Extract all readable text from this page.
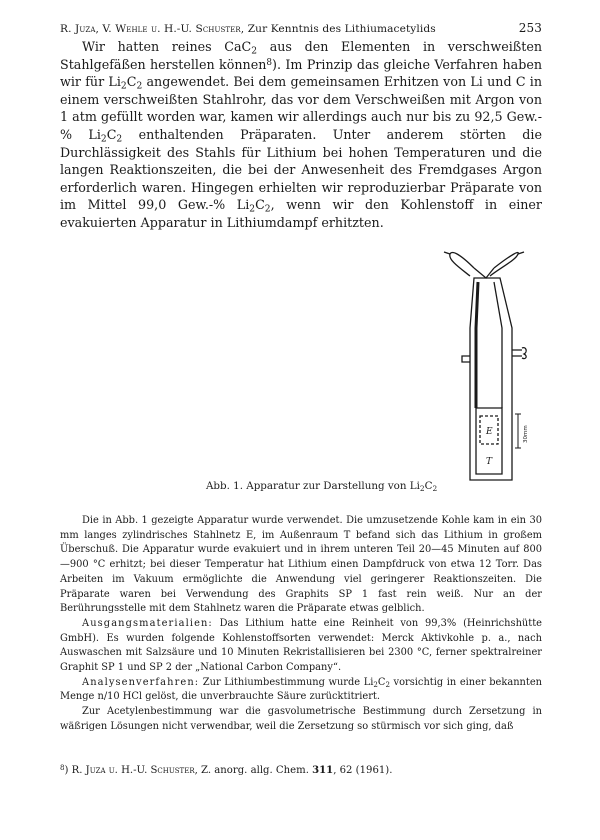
R. Juza, V. Wehle u. H.-U. Schuster, Zur Kenntnis des Lithiumacetylids	253

Wir hatten reines CaC$_2$ aus den Elementen in verschweißten Stahlgefäßen herstellen können$^8$). Im Prinzip das gleiche Verfahren haben wir für $Li_2C_2$ angewendet. Bei dem gemeinsamen Erhitzen von Li und C in einem verschweißten Stahlrohr, das vor dem Verschweißen mit Argon von 1 atm gefüllt worden war, kamen wir allerdings auch nur bis zu 92,5 Gew.-% $Li_2C_2$ enthaltenden Präparaten. Unter anderem störten die Durchlässigkeit des Stahls für Lithium bei hohen Temperaturen und die langen Reaktionszeiten, die bei der Anwesenheit des Fremdgases Argon erforderlich waren. Hingegen erhielten wir reproduzierbar Präparate von im Mittel 99,0 Gew.-% $Li_2C_2$, wenn wir den Kohlenstoff in einer evakuierten Apparatur in Lithiumdampf erhitzten.

E
T
30mm
Abb. 1. Apparatur zur Darstellung von $Li_2C_2$

Die in Abb. 1 gezeigte Apparatur wurde verwendet. Die umzusetzende Kohle kam in ein 30 mm langes zylindrisches Stahlnetz E, im Außenraum T befand sich das Lithium in großem Überschuß. Die Apparatur wurde evakuiert und in ihrem unteren Teil 20—45 Minuten auf 800—900 °C erhitzt; bei dieser Temperatur hat Lithium einen Dampfdruck von etwa 12 Torr. Das Arbeiten im Vakuum ermöglichte die Anwendung viel geringerer Reaktionszeiten. Die Präparate waren bei Verwendung des Graphits SP 1 fast rein weiß. Nur an der Berührungsstelle mit dem Stahlnetz waren die Präparate etwas gelblich.

Ausgangsmaterialien: Das Lithium hatte eine Reinheit von 99,3% (Heinrichshütte GmbH). Es wurden folgende Kohlenstoffsorten verwendet: Merck Aktivkohle p. a., nach Auswaschen mit Salzsäure und 10 Minuten Rekristallisieren bei 2300 °C, ferner spektralreiner Graphit SP 1 und SP 2 der „National Carbon Company“.

Analysenverfahren: Zur Lithiumbestimmung wurde $Li_2C_2$ vorsichtig in einer bekannten Menge n/10 HCl gelöst, die unverbrauchte Säure zurücktitriert.

Zur Acetylenbestimmung war die gasvolumetrische Bestimmung durch Zersetzung in wäßrigen Lösungen nicht verwendbar, weil die Zersetzung so stürmisch vor sich ging, daß

$^8$) R. Juza u. H.-U. Schuster, Z. anorg. allg. Chem. 311, 62 (1961).
